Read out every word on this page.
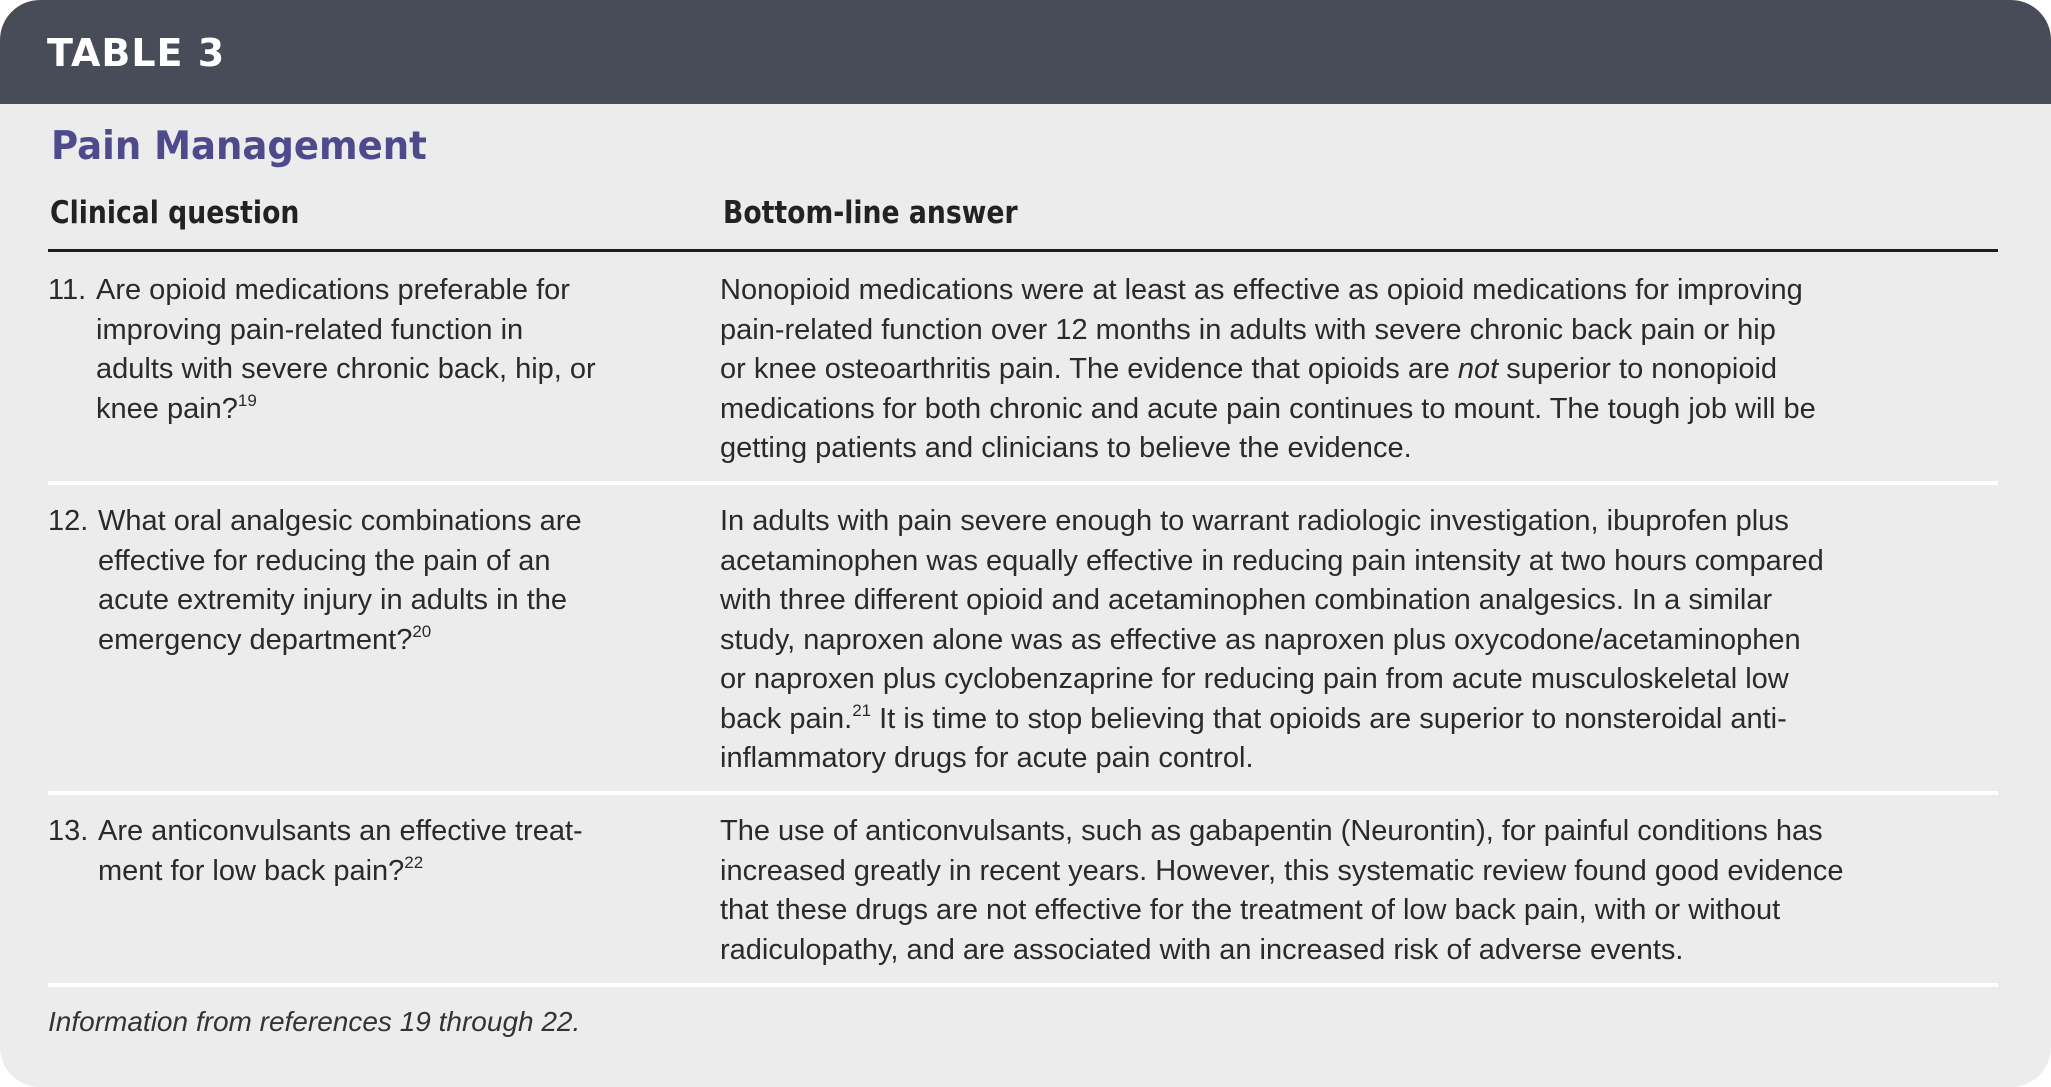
TABLE 3
Pain Management
Clinical question	Bottom-line answer
11. Are opioid medications preferable for
improving pain-related function in
adults with severe chronic back, hip, or
knee pain?$^{19}$
Nonopioid medications were at least as effective as opioid medications for improving
pain-related function over 12 months in adults with severe chronic back pain or hip
or knee osteoarthritis pain. The evidence that opioids are not superior to nonopioid
medications for both chronic and acute pain continues to mount. The tough job will be
getting patients and clinicians to believe the evidence.
12. What oral analgesic combinations are
effective for reducing the pain of an
acute extremity injury in adults in the
emergency department?$^{20}$
In adults with pain severe enough to warrant radiologic investigation, ibuprofen plus
acetaminophen was equally effective in reducing pain intensity at two hours compared
with three different opioid and acetaminophen combination analgesics. In a similar
study, naproxen alone was as effective as naproxen plus oxycodone/acetaminophen
or naproxen plus cyclobenzaprine for reducing pain from acute musculoskeletal low
back pain.$^{21}$ It is time to stop believing that opioids are superior to nonsteroidal anti-
inflammatory drugs for acute pain control.
13. Are anticonvulsants an effective treat-
ment for low back pain?$^{22}$
The use of anticonvulsants, such as gabapentin (Neurontin), for painful conditions has
increased greatly in recent years. However, this systematic review found good evidence
that these drugs are not effective for the treatment of low back pain, with or without
radiculopathy, and are associated with an increased risk of adverse events.
Information from references 19 through 22.
